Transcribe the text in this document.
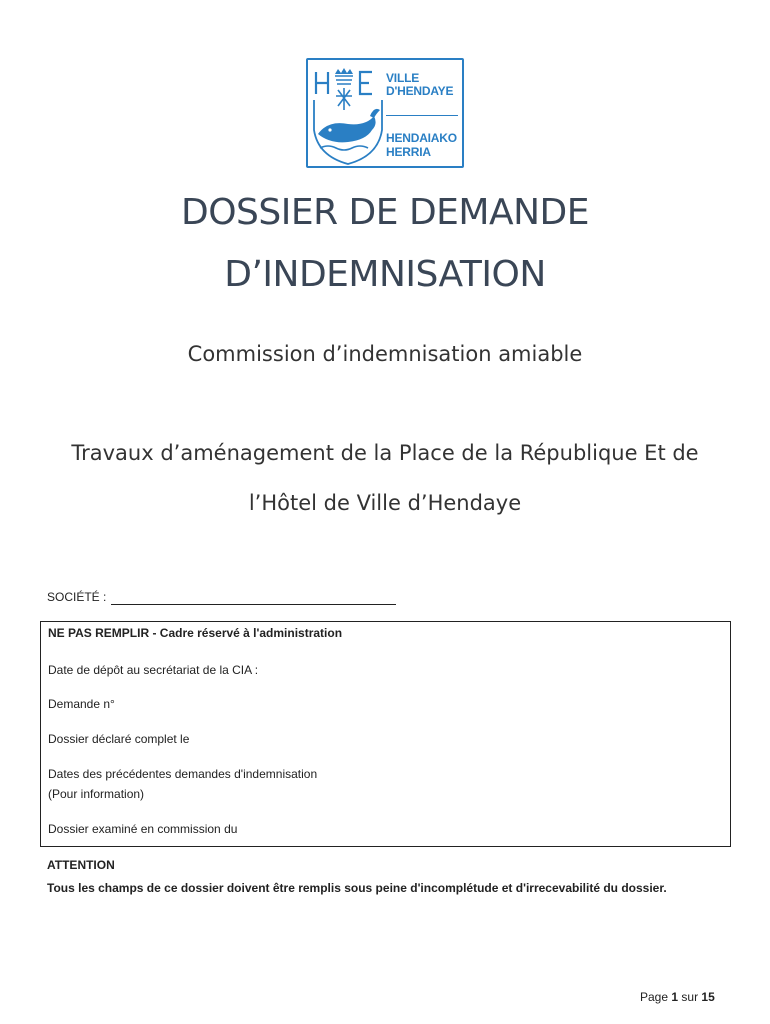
VILLE
D'HENDAYE
HENDAIAKO
HERRIA
DOSSIER DE DEMANDE
D’INDEMNISATION
Commission d’indemnisation amiable
Travaux d’aménagement de la Place de la République Et de
l’Hôtel de Ville d’Hendaye
SOCIÉTÉ :
NE PAS REMPLIR - Cadre réservé à l'administration
Date de dépôt au secrétariat de la CIA :
Demande n°
Dossier déclaré complet le
Dates des précédentes demandes d'indemnisation
(Pour information)
Dossier examiné en commission du
ATTENTION
Tous les champs de ce dossier doivent être remplis sous peine d'incomplétude et d'irrecevabilité du dossier.
Page 1 sur 15
